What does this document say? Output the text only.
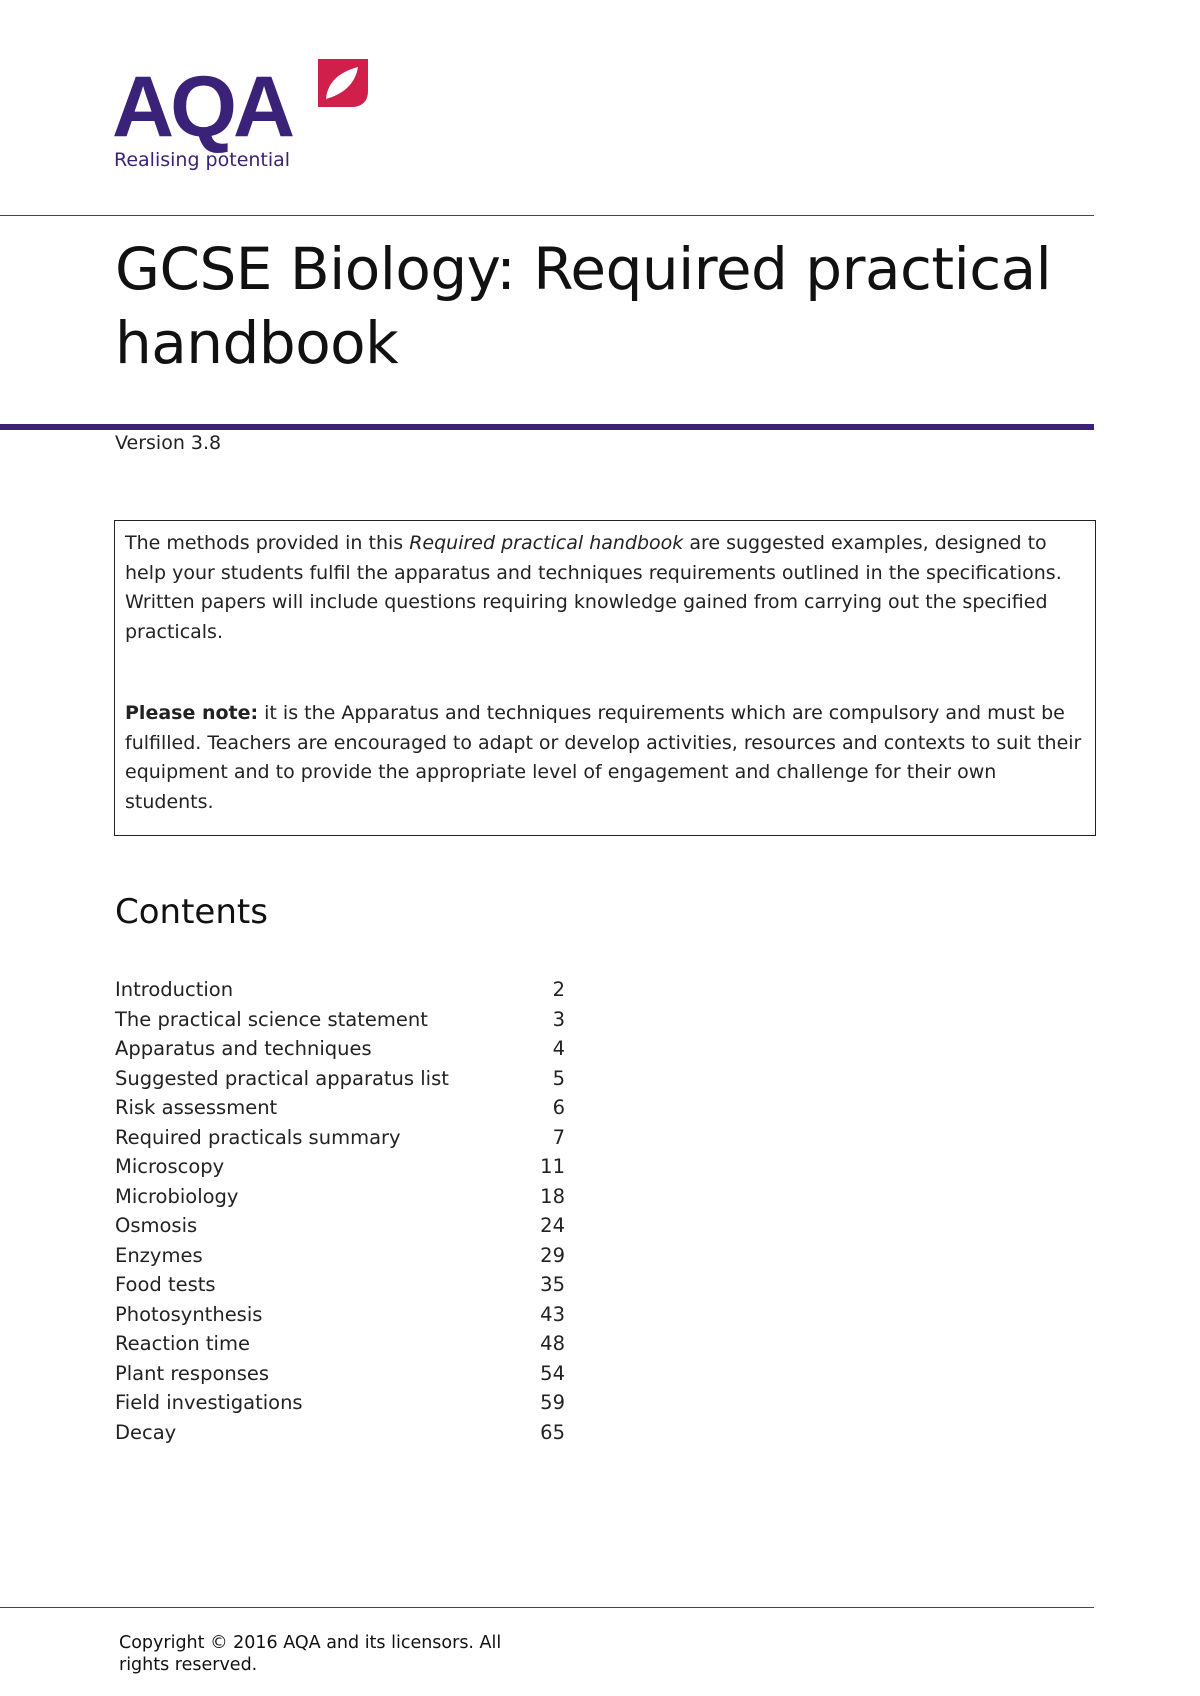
AQA
Realising potential
GCSE Biology: Required practical handbook
Version 3.8

The methods provided in this Required practical handbook are suggested examples, designed to help your students fulfil the apparatus and techniques requirements outlined in the specifications. Written papers will include questions requiring knowledge gained from carrying out the specified practicals.

Please note: it is the Apparatus and techniques requirements which are compulsory and must be fulfilled. Teachers are encouraged to adapt or develop activities, resources and contexts to suit their equipment and to provide the appropriate level of engagement and challenge for their own students.

Contents
Introduction	2
The practical science statement	3
Apparatus and techniques	4
Suggested practical apparatus list	5
Risk assessment	6
Required practicals summary	7
Microscopy	11
Microbiology	18
Osmosis	24
Enzymes	29
Food tests	35
Photosynthesis	43
Reaction time	48
Plant responses	54
Field investigations	59
Decay	65
Copyright © 2016 AQA and its licensors. All rights reserved.
